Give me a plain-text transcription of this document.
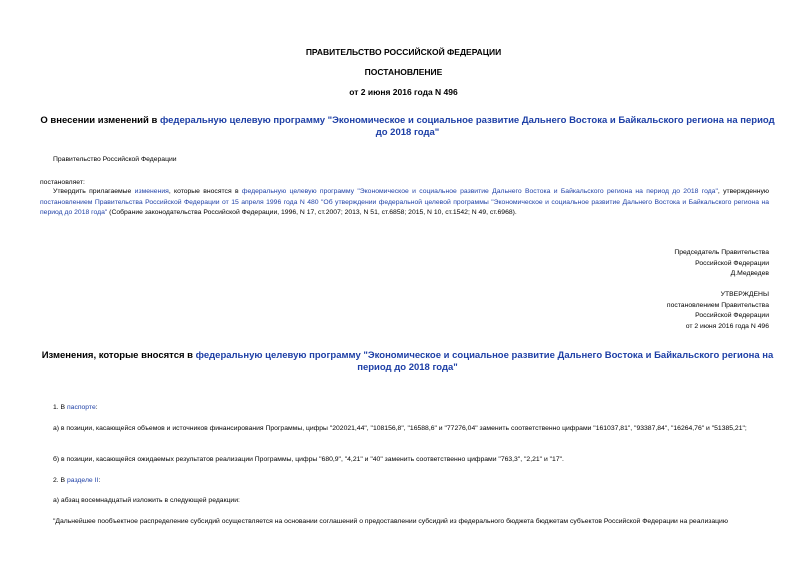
ПРАВИТЕЛЬСТВО РОССИЙСКОЙ ФЕДЕРАЦИИ
ПОСТАНОВЛЕНИЕ
от 2 июня 2016 года N 496
О внесении изменений в федеральную целевую программу "Экономическое и социальное развитие Дальнего Востока и Байкальского региона на период до 2018 года"
Правительство Российской Федерации
постановляет:
Утвердить прилагаемые изменения, которые вносятся в федеральную целевую программу "Экономическое и социальное развитие Дальнего Востока и Байкальского региона на период до 2018 года", утвержденную постановлением Правительства Российской Федерации от 15 апреля 1996 года N 480 "Об утверждении федеральной целевой программы "Экономическое и социальное развитие Дальнего Востока и Байкальского региона на период до 2018 года" (Собрание законодательства Российской Федерации, 1996, N 17, ст.2007; 2013, N 51, ст.6858; 2015, N 10, ст.1542; N 49, ст.6968).
Председатель Правительства
Российской Федерации
Д.Медведев
УТВЕРЖДЕНЫ
постановлением Правительства
Российской Федерации
от 2 июня 2016 года N 496
Изменения, которые вносятся в федеральную целевую программу "Экономическое и социальное развитие Дальнего Востока и Байкальского региона на период до 2018 года"
1. В паспорте:
а) в позиции, касающейся объемов и источников финансирования Программы, цифры "202021,44", "108156,8", "16588,6" и "77276,04" заменить соответственно цифрами "161037,81", "93387,84", "16264,76" и "51385,21";
б) в позиции, касающейся ожидаемых результатов реализации Программы, цифры "680,9", "4,21" и "40" заменить соответственно цифрами "763,3", "2,21" и "17".
2. В разделе II:
а) абзац восемнадцатый изложить в следующей редакции:
"Дальнейшее пообъектное распределение субсидий осуществляется на основании соглашений о предоставлении субсидий из федерального бюджета бюджетам субъектов Российской Федерации на реализацию
